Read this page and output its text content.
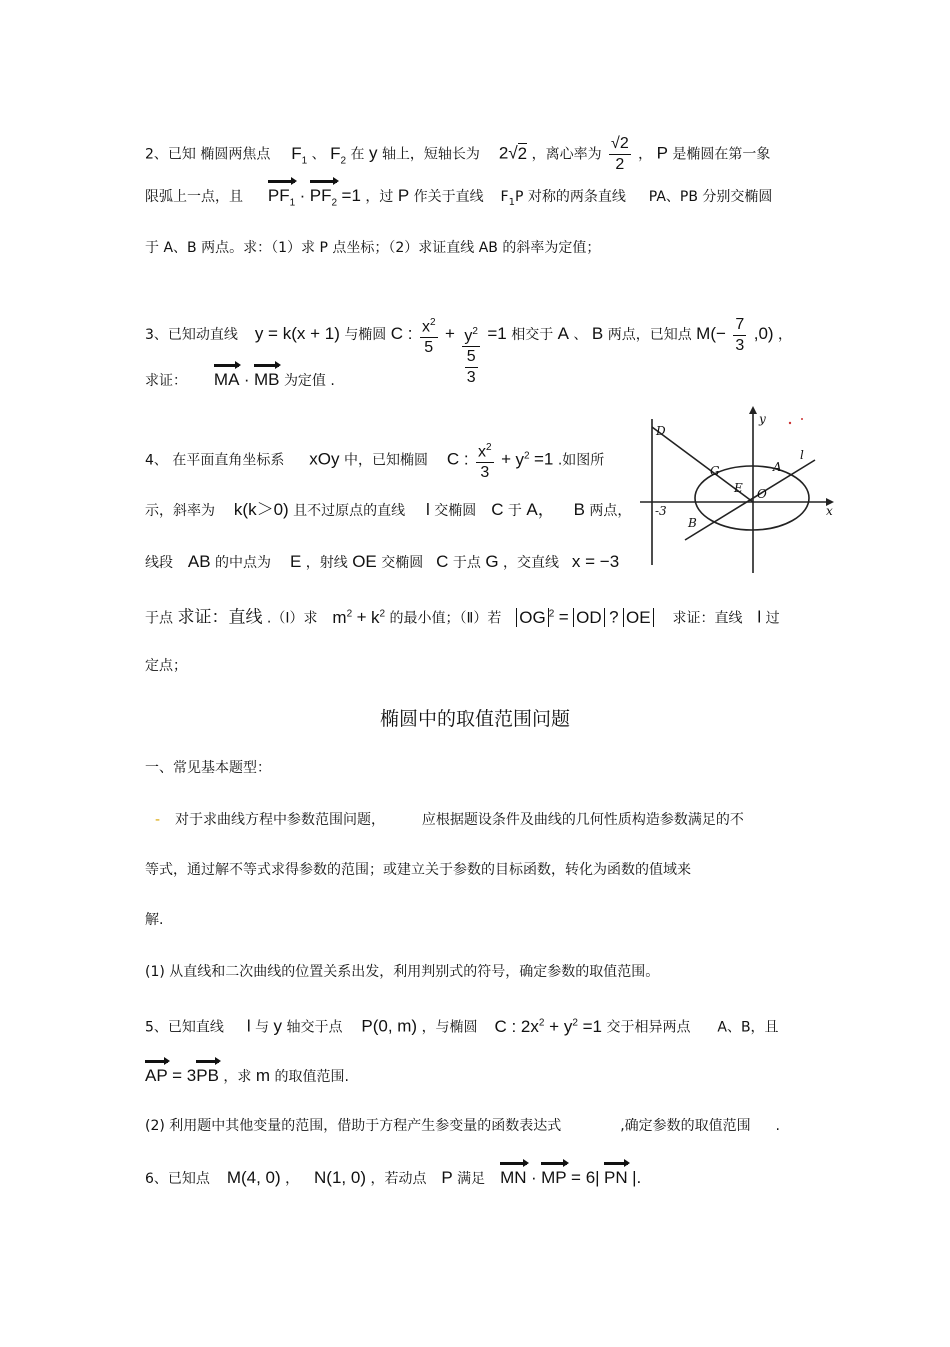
2、已知 椭圆两焦点 $F_1$ 、 $F_2$ 在 y 轴上，短轴长为 2√2 ，离心率为 $\frac{√2}{2}$ ， P 是椭圆在第一象
限弧上一点，且 $PF_1 \cdot PF_2 =1$ ，过 P 作关于直线 $F_1P$ 对称的两条直线 PA、PB 分别交椭圆
于 A、B 两点。求：（1）求 P 点坐标；（2）求证直线 AB 的斜率为定值；
3、已知动直线 y = k(x + 1) 与椭圆 C : $\frac{x^2}{5} + y^2$
5
3
=1 相交于 A 、 B 两点，已知点 $M(- \frac{7}{3} ,0)$ ，
求证： MA · MB 为定值 .
4、 在平面直角坐标系 xOy 中，已知椭圆 C : $\frac{x^2}{3} + y^2 =1$ .如图所
示，斜率为 k(k＞0) 且不过原点的直线 l 交椭圆 C 于 A， B 两点，
线段 AB 的中点为 E ，射线 OE 交椭圆 C 于点 G ，交直线 x = −3
于点 求证：直线 .（Ⅰ）求 $m^2 + k^2$ 的最小值；（Ⅱ）若 OG $^2$ = OD ? OE 求证：直线 l 过
定点；
D
G	A
E O
l
B
-3
y
x
椭圆中的取值范围问题
一、常见基本题型：
- 对于求曲线方程中参数范围问题，	应根据题设条件及曲线的几何性质构造参数满足的不
等式，通过解不等式求得参数的范围；或建立关于参数的目标函数，转化为函数的值域来
解.
(1) 从直线和二次曲线的位置关系出发，利用判别式的符号，确定参数的取值范围。
5、已知直线 l 与 y 轴交于点 P(0, m) ，与椭圆 C : $2x^2 + y^2 =1$ 交于相异两点 A、B，且
AP = 3PB ，求 m 的取值范围.
(2) 利用题中其他变量的范围，借助于方程产生参变量的函数表达式	,确定参数的取值范围 .
6、已知点 M(4, 0) ， N(1, 0) ，若动点 P 满足 MN · MP = 6| PN |.
